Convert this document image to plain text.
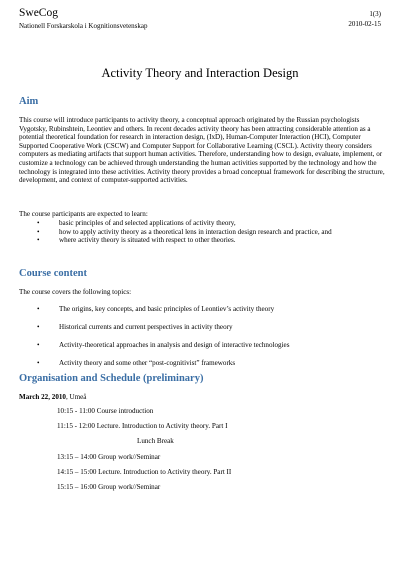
SweCog
Nationell Forskarskola i Kognitionsvetenskap
1(3)
2010-02-15
Activity Theory and Interaction Design
Aim
This course will introduce participants to activity theory, a conceptual approach originated by the Russian psychologists Vygotsky, Rubinshtein, Leontiev and others. In recent decades activity theory has been attracting considerable attention as a potential theoretical foundation for research in interaction design, (IxD), Human-Computer Interaction (HCI), Computer Supported Cooperative Work (CSCW) and Computer Support for Collaborative Learning (CSCL). Activity theory considers computers as mediating artifacts that support human activities. Therefore, understanding how to design, evaluate, implement, or customize a technology can be achieved through understanding the human activities supported by the technology and how the technology is integrated into these activities. Activity theory provides a broad conceptual framework for describing the structure, development, and context of computer-supported activities.
The course participants are expected to learn:
• basic principles of and selected applications of activity theory,
• how to apply activity theory as a theoretical lens in interaction design research and practice, and
• where activity theory is situated with respect to other theories.
Course content
The course covers the following topics:
• The origins, key concepts, and basic principles of Leontiev’s activity theory
• Historical currents and current perspectives in activity theory
• Activity-theoretical approaches in analysis and design of interactive technologies
• Activity theory and some other “post-cognitivist” frameworks
Organisation and Schedule (preliminary)
March 22, 2010, Umeå
10:15 - 11:00 Course introduction
11:15 - 12:00 Lecture. Introduction to Activity theory. Part I
Lunch Break
13:15 – 14:00 Group work//Seminar
14:15 – 15:00 Lecture. Introduction to Activity theory. Part II
15:15 – 16:00 Group work//Seminar
